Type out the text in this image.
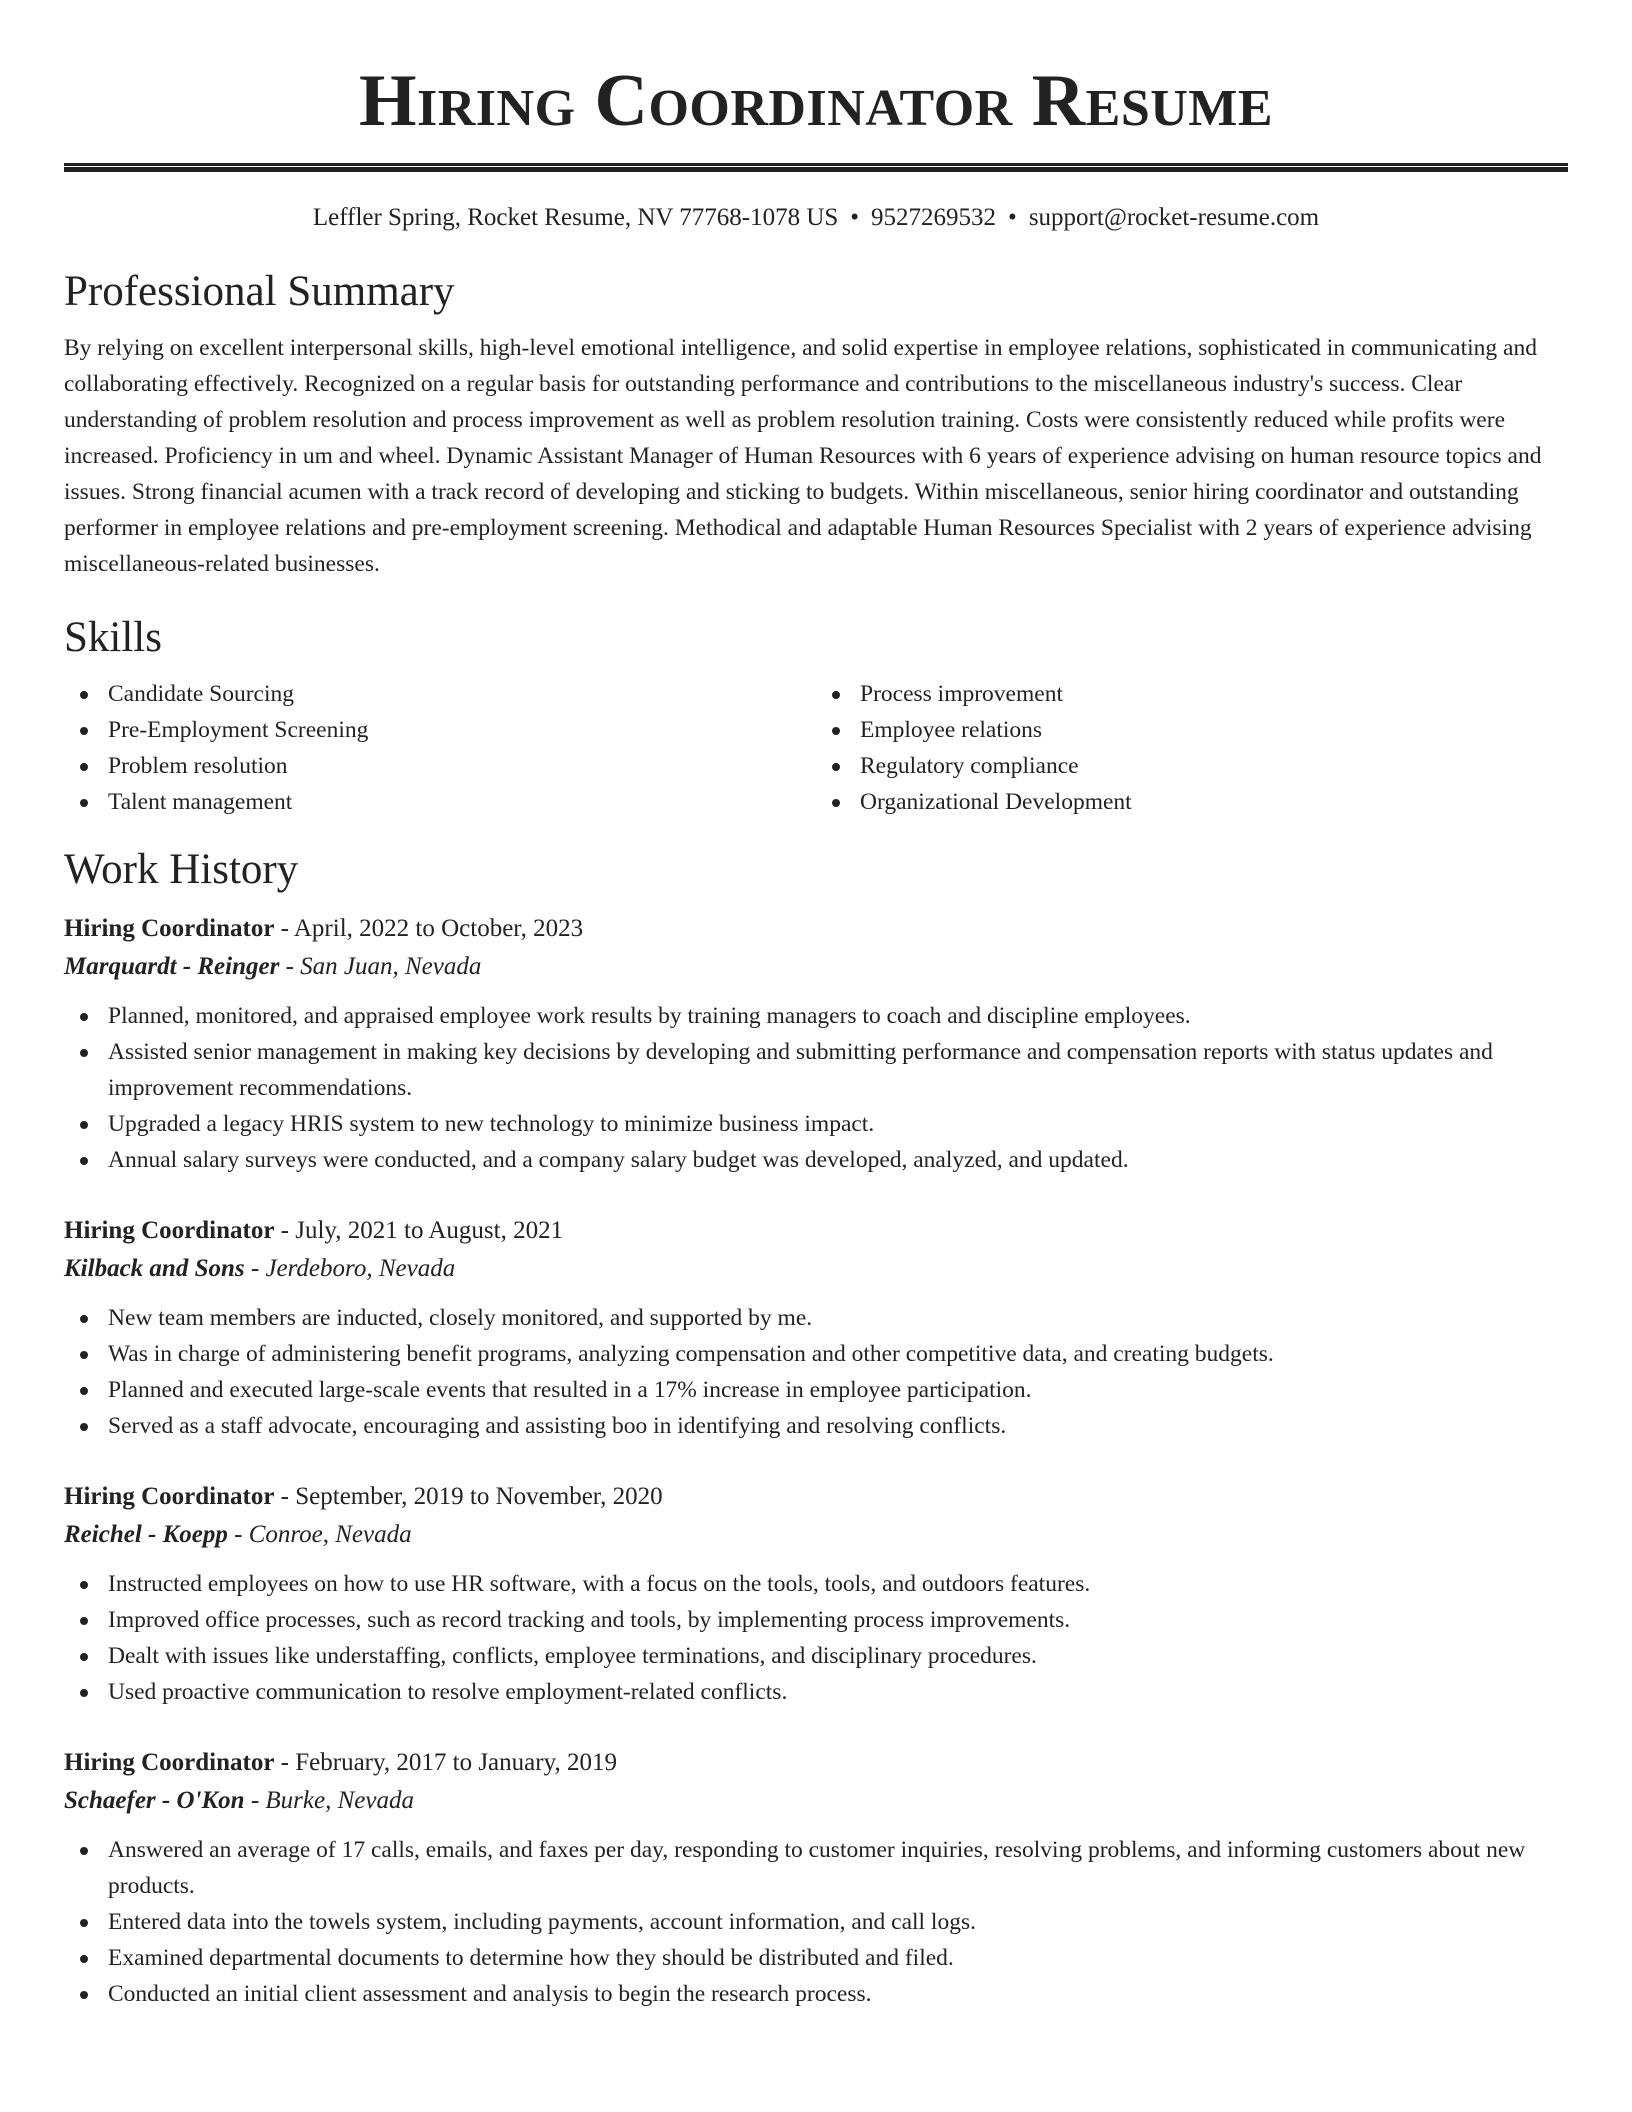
Hiring Coordinator Resume
Leffler Spring, Rocket Resume, NV 77768-1078 US • 9527269532 • support@rocket-resume.com
Professional Summary

By relying on excellent interpersonal skills, high-level emotional intelligence, and solid expertise in employee relations, sophisticated in communicating and collaborating effectively. Recognized on a regular basis for outstanding performance and contributions to the miscellaneous industry's success. Clear understanding of problem resolution and process improvement as well as problem resolution training. Costs were consistently reduced while profits were increased. Proficiency in um and wheel. Dynamic Assistant Manager of Human Resources with 6 years of experience advising on human resource topics and issues. Strong financial acumen with a track record of developing and sticking to budgets. Within miscellaneous, senior hiring coordinator and outstanding performer in employee relations and pre-employment screening. Methodical and adaptable Human Resources Specialist with 2 years of experience advising miscellaneous-related businesses.

Skills
Candidate Sourcing
Pre-Employment Screening
Problem resolution
Talent management
Process improvement
Employee relations
Regulatory compliance
Organizational Development
Work History
Hiring Coordinator - April, 2022 to October, 2023
Marquardt - Reinger - San Juan, Nevada
Planned, monitored, and appraised employee work results by training managers to coach and discipline employees.
Assisted senior management in making key decisions by developing and submitting performance and compensation reports with status updates and improvement recommendations.
Upgraded a legacy HRIS system to new technology to minimize business impact.
Annual salary surveys were conducted, and a company salary budget was developed, analyzed, and updated.
Hiring Coordinator - July, 2021 to August, 2021
Kilback and Sons - Jerdeboro, Nevada
New team members are inducted, closely monitored, and supported by me.
Was in charge of administering benefit programs, analyzing compensation and other competitive data, and creating budgets.
Planned and executed large-scale events that resulted in a 17% increase in employee participation.
Served as a staff advocate, encouraging and assisting boo in identifying and resolving conflicts.
Hiring Coordinator - September, 2019 to November, 2020
Reichel - Koepp - Conroe, Nevada
Instructed employees on how to use HR software, with a focus on the tools, tools, and outdoors features.
Improved office processes, such as record tracking and tools, by implementing process improvements.
Dealt with issues like understaffing, conflicts, employee terminations, and disciplinary procedures.
Used proactive communication to resolve employment-related conflicts.
Hiring Coordinator - February, 2017 to January, 2019
Schaefer - O'Kon - Burke, Nevada
Answered an average of 17 calls, emails, and faxes per day, responding to customer inquiries, resolving problems, and informing customers about new products.
Entered data into the towels system, including payments, account information, and call logs.
Examined departmental documents to determine how they should be distributed and filed.
Conducted an initial client assessment and analysis to begin the research process.
